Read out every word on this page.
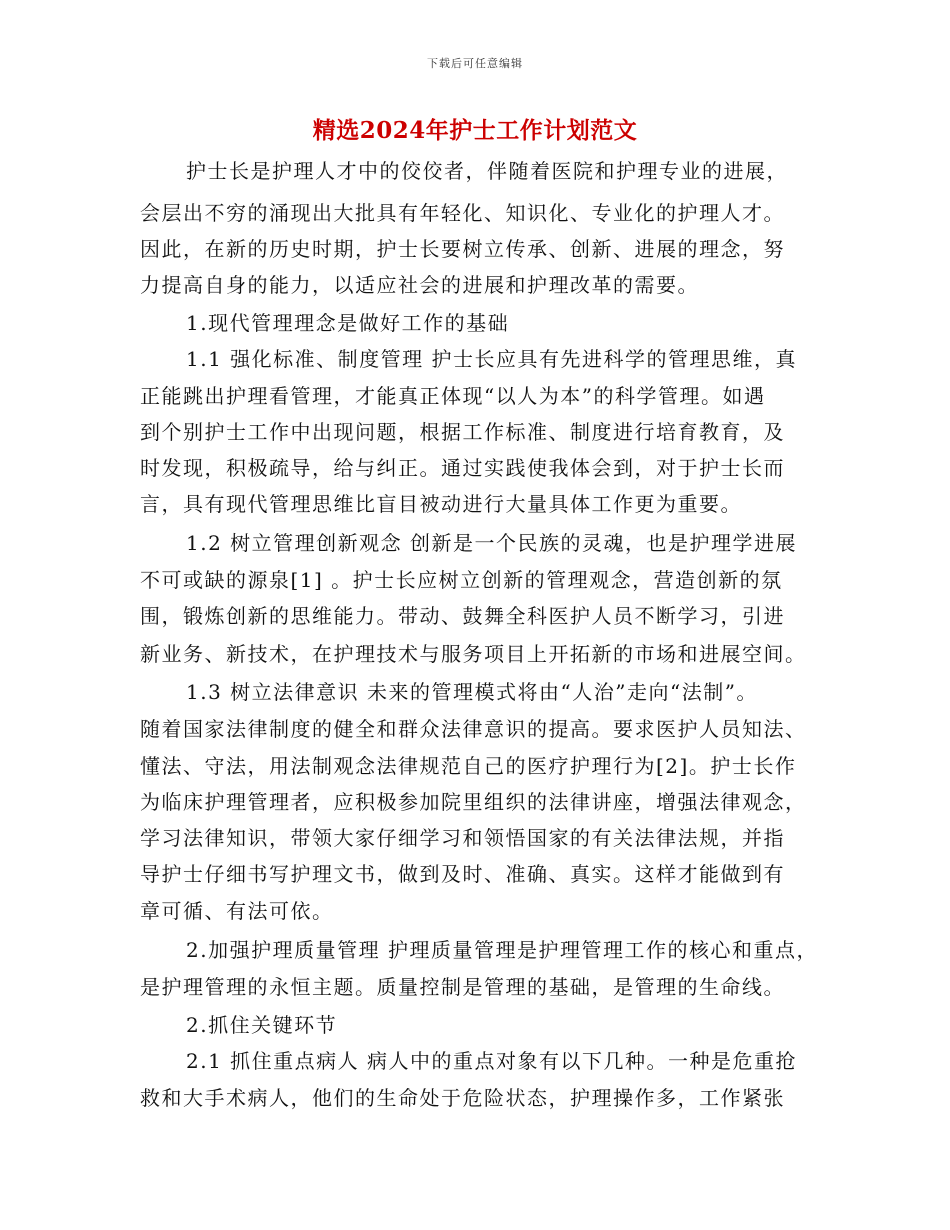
下载后可任意编辑
精选2024年护士工作计划范文
护士长是护理人才中的佼佼者，伴随着医院和护理专业的进展，
会层出不穷的涌现出大批具有年轻化、知识化、专业化的护理人才。
因此，在新的历史时期，护士长要树立传承、创新、进展的理念，努
力提高自身的能力，以适应社会的进展和护理改革的需要。
1.现代管理理念是做好工作的基础
1.1 强化标准、制度管理 护士长应具有先进科学的管理思维，真
正能跳出护理看管理，才能真正体现“以人为本”的科学管理。如遇
到个别护士工作中出现问题，根据工作标准、制度进行培育教育，及
时发现，积极疏导，给与纠正。通过实践使我体会到，对于护士长而
言，具有现代管理思维比盲目被动进行大量具体工作更为重要。
1.2 树立管理创新观念 创新是一个民族的灵魂，也是护理学进展
不可或缺的源泉[1] 。护士长应树立创新的管理观念，营造创新的氛
围，锻炼创新的思维能力。带动、鼓舞全科医护人员不断学习，引进
新业务、新技术，在护理技术与服务项目上开拓新的市场和进展空间。
1.3 树立法律意识 未来的管理模式将由“人治”走向“法制”。
随着国家法律制度的健全和群众法律意识的提高。要求医护人员知法、
懂法、守法，用法制观念法律规范自己的医疗护理行为[2]。护士长作
为临床护理管理者，应积极参加院里组织的法律讲座，增强法律观念，
学习法律知识，带领大家仔细学习和领悟国家的有关法律法规，并指
导护士仔细书写护理文书，做到及时、准确、真实。这样才能做到有
章可循、有法可依。
2.加强护理质量管理 护理质量管理是护理管理工作的核心和重点，
是护理管理的永恒主题。质量控制是管理的基础，是管理的生命线。
2.抓住关键环节
2.1 抓住重点病人 病人中的重点对象有以下几种。一种是危重抢
救和大手术病人，他们的生命处于危险状态，护理操作多，工作紧张
